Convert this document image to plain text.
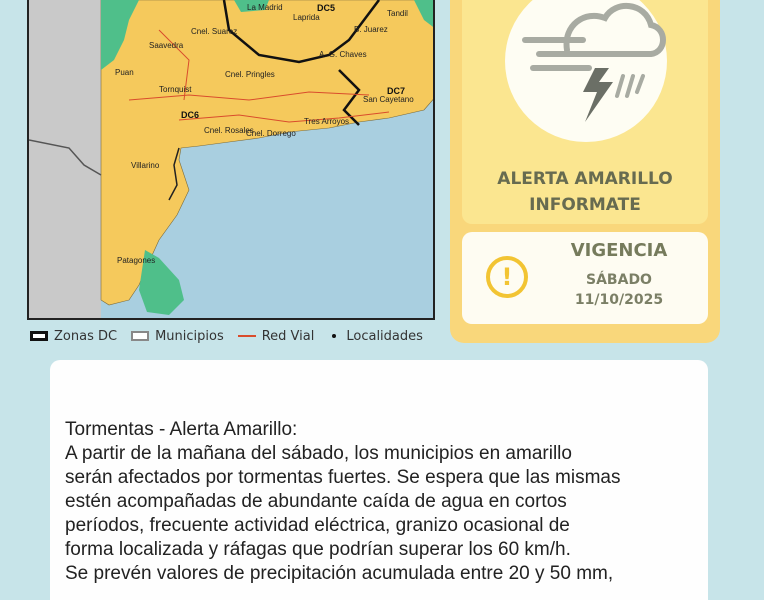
La Madrid
Laprida
B. Juarez
Tandil
Cnel. Suarez
Saavedra
A. G. Chaves
Puan	Cnel. Pringles
Tornquist
San Cayetano
DC6
Tres Arroyos
Cnel. Rosales
Cnel. Dorrego
Villarino
Patagones
DC5
DC7
Zonas DC	Municipios	Red Vial Localidades
ALERTA AMARILLO
INFORMATE
!
VIGENCIA
SÁBADO
11/10/2025

Tormentas - Alerta Amarillo:

A partir de la mañana del sábado, los municipios en amarillo

serán afectados por tormentas fuertes. Se espera que las mismas

estén acompañadas de abundante caída de agua en cortos

períodos, frecuente actividad eléctrica, granizo ocasional de

forma localizada y ráfagas que podrían superar los 60 km/h.

Se prevén valores de precipitación acumulada entre 20 y 50 mm,
